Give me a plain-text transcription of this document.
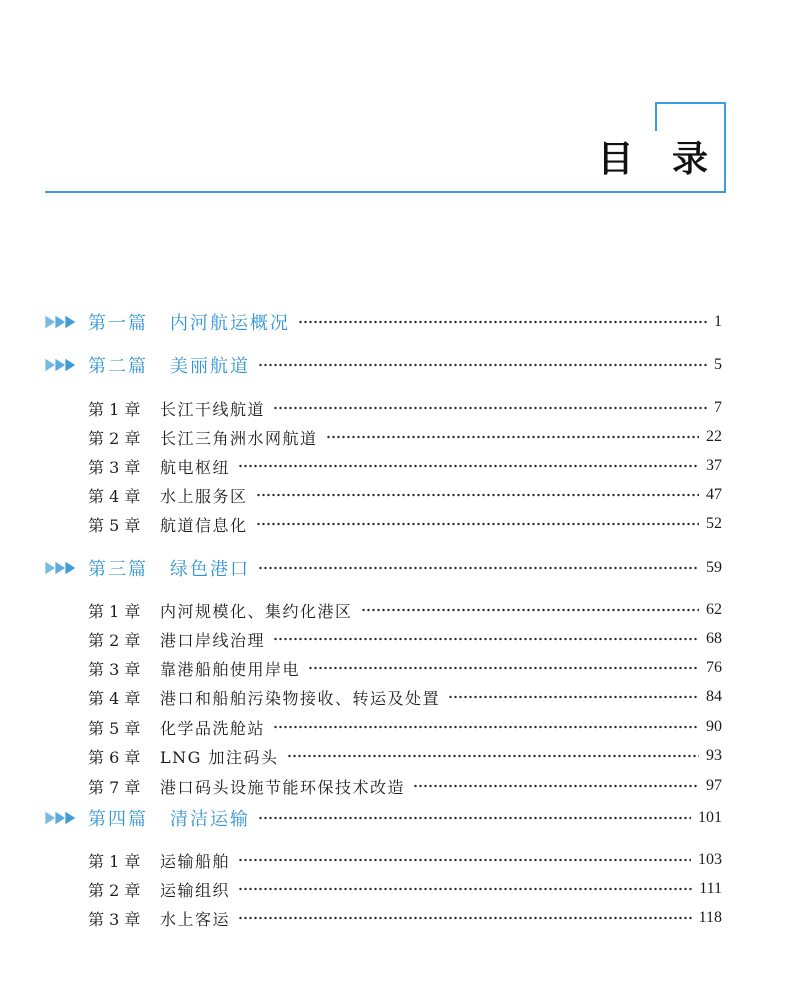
目 录
第一篇	内河航运概况	1
第二篇	美丽航道	5
第 1 章	长江干线航道	7
第 2 章	长江三角洲水网航道	22
第 3 章	航电枢纽	37
第 4 章	水上服务区	47
第 5 章	航道信息化	52
第三篇	绿色港口	59
第 1 章	内河规模化、集约化港区	62
第 2 章	港口岸线治理	68
第 3 章	靠港船舶使用岸电	76
第 4 章	港口和船舶污染物接收、转运及处置	84
第 5 章	化学品洗舱站	90
第 6 章	LNG 加注码头	93
第 7 章	港口码头设施节能环保技术改造	97
第四篇	清洁运输	101
第 1 章	运输船舶	103
第 2 章	运输组织	111
第 3 章	水上客运	118
